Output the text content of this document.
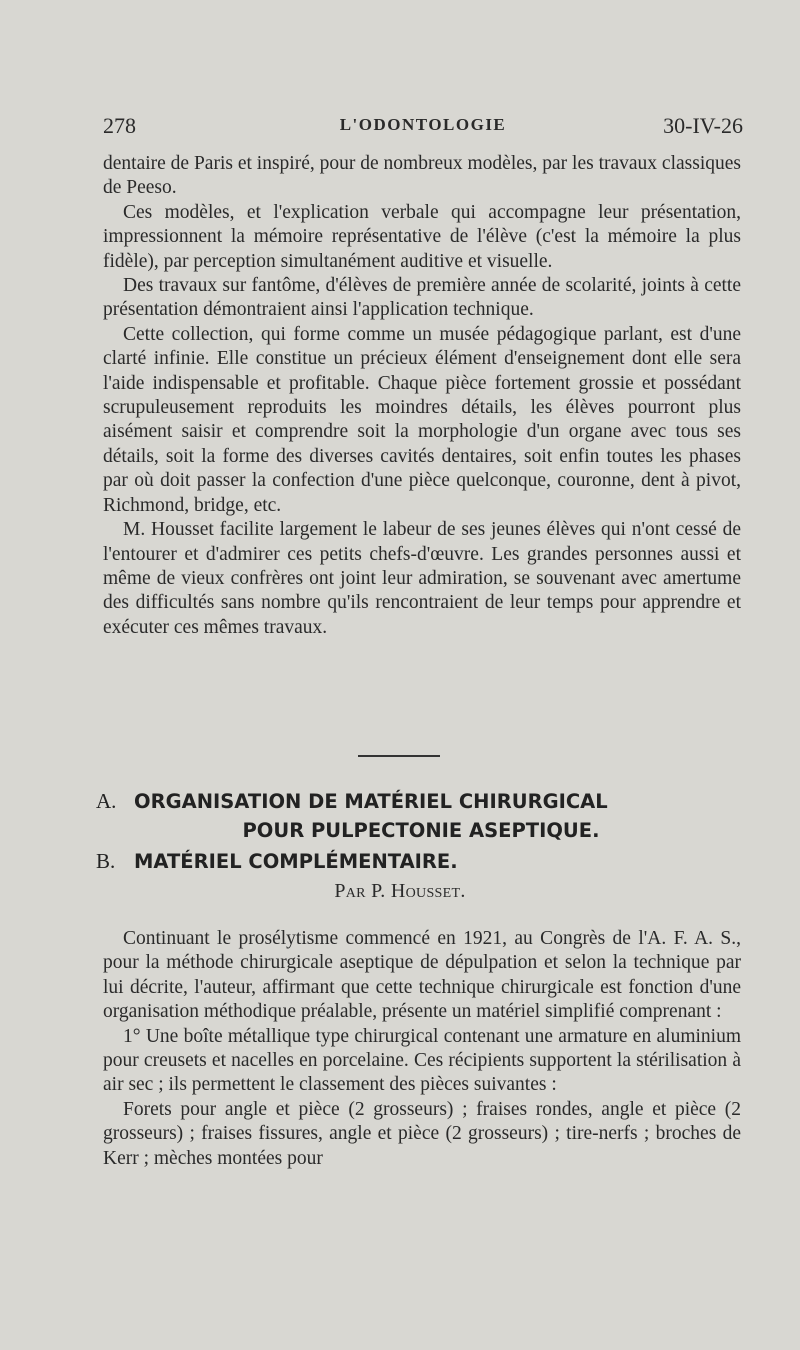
278	L'ODONTOLOGIE	30-IV-26

dentaire de Paris et inspiré, pour de nombreux modèles, par les travaux classiques de Peeso.

Ces modèles, et l'explication verbale qui accompagne leur présentation, impressionnent la mémoire représentative de l'élève (c'est la mémoire la plus fidèle), par perception simultanément auditive et visuelle.

Des travaux sur fantôme, d'élèves de première année de scolarité, joints à cette présentation démontraient ainsi l'application technique.

Cette collection, qui forme comme un musée pédagogique parlant, est d'une clarté infinie. Elle constitue un précieux élément d'enseignement dont elle sera l'aide indispensable et profitable. Chaque pièce fortement grossie et possédant scrupuleusement reproduits les moindres détails, les élèves pourront plus aisément saisir et comprendre soit la morphologie d'un organe avec tous ses détails, soit la forme des diverses cavités dentaires, soit enfin toutes les phases par où doit passer la confection d'une pièce quelconque, couronne, dent à pivot, Richmond, bridge, etc.

M. Housset facilite largement le labeur de ses jeunes élèves qui n'ont cessé de l'entourer et d'admirer ces petits chefs-d'œuvre. Les grandes personnes aussi et même de vieux confrères ont joint leur admiration, se souvenant avec amertume des difficultés sans nombre qu'ils rencontraient de leur temps pour apprendre et exécuter ces mêmes travaux.

A. ORGANISATION DE MATÉRIEL CHIRURGICAL
POUR PULPECTONIE ASEPTIQUE.
B. MATÉRIEL COMPLÉMENTAIRE.
Par P. Housset.

Continuant le prosélytisme commencé en 1921, au Congrès de l'A. F. A. S., pour la méthode chirurgicale aseptique de dépulpation et selon la technique par lui décrite, l'auteur, affirmant que cette technique chirurgicale est fonction d'une organisation méthodique préalable, présente un matériel simplifié comprenant :

1° Une boîte métallique type chirurgical contenant une armature en aluminium pour creusets et nacelles en porcelaine. Ces récipients supportent la stérilisation à air sec ; ils permettent le classement des pièces suivantes :

Forets pour angle et pièce (2 grosseurs) ; fraises rondes, angle et pièce (2 grosseurs) ; fraises fissures, angle et pièce (2 grosseurs) ; tire-nerfs ; broches de Kerr ; mèches montées pour
